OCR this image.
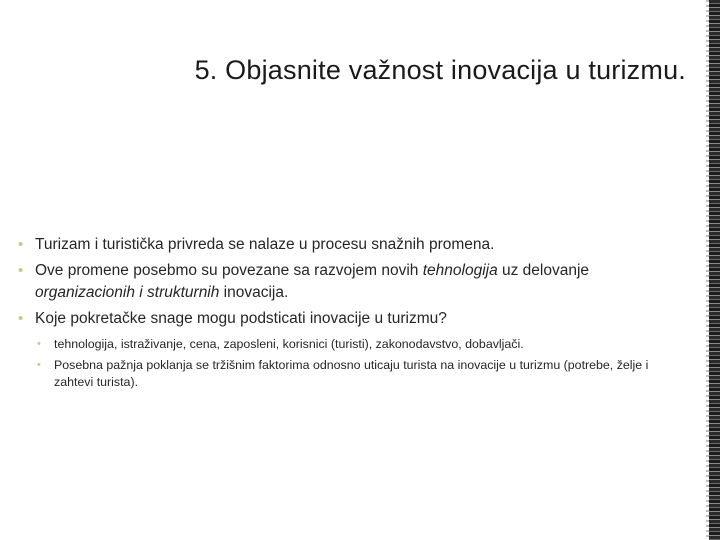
5. Objasnite važnost inovacija u turizmu.
• Turizam i turistička privreda se nalaze u procesu snažnih promena.
• Ove promene posebmo su povezane sa razvojem novih tehnologija uz delovanje organizacionih i strukturnih inovacija.
• Koje pokretačke snage mogu podsticati inovacije u turizmu?
• tehnologija, istraživanje, cena, zaposleni, korisnici (turisti), zakonodavstvo, dobavljači.
• Posebna pažnja poklanja se tržišnim faktorima odnosno uticaju turista na inovacije u turizmu (potrebe, želje i zahtevi turista).
